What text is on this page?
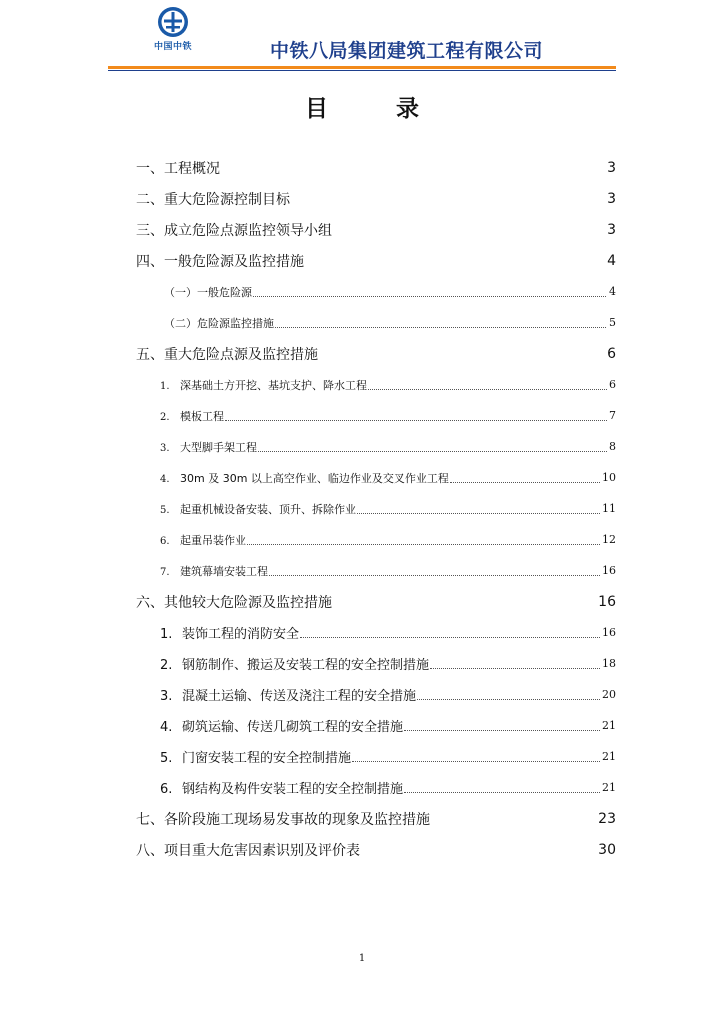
中国中铁	中铁八局集团建筑工程有限公司
目 录
一、工程概况	3
二、重大危险源控制目标	3
三、成立危险点源监控领导小组	3
四、一般危险源及监控措施	4
（一）一般危险源	4
（二）危险源监控措施	5
五、重大危险点源及监控措施	6
1. 深基础土方开挖、基坑支护、降水工程	6
2. 模板工程	7
3. 大型脚手架工程	8
4. 30m 及 30m 以上高空作业、临边作业及交叉作业工程	10
5. 起重机械设备安装、顶升、拆除作业	11
6. 起重吊装作业	12
7. 建筑幕墙安装工程	16
六、其他较大危险源及监控措施	16
1. 装饰工程的消防安全	16
2. 钢筋制作、搬运及安装工程的安全控制措施	18
3. 混凝土运输、传送及浇注工程的安全措施	20
4. 砌筑运输、传送几砌筑工程的安全措施	21
5. 门窗安装工程的安全控制措施	21
6. 钢结构及构件安装工程的安全控制措施	21
七、各阶段施工现场易发事故的现象及监控措施	23
八、项目重大危害因素识别及评价表	30
1
